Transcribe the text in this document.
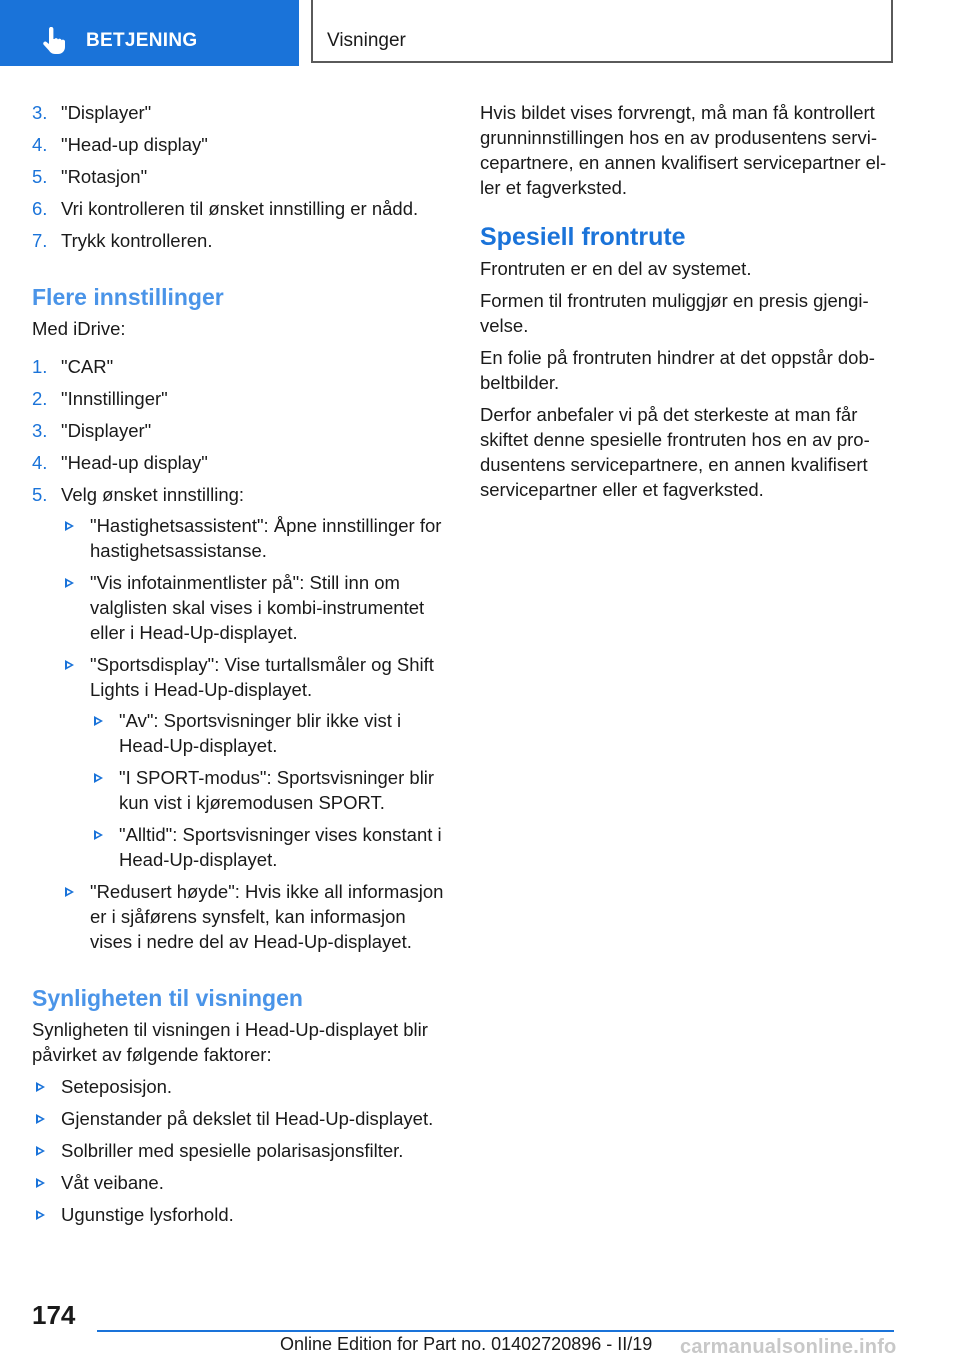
BETJENING	Visninger
3. "Displayer"
4. "Head-up display"
5. "Rotasjon"
6. Vri kontrolleren til ønsket innstilling er nådd.
7. Trykk kontrolleren.
Flere innstillinger

Med iDrive:

1. "CAR"
2. "Innstillinger"
3. "Displayer"
4. "Head-up display"
5. Velg ønsket innstilling:
"Hastighetsassistent": Åpne innstillinger for hastighetsassistanse.
"Vis infotainmentlister på": Still inn om valglisten skal vises i kombi-instrumentet eller i Head-Up-displayet.
"Sportsdisplay": Vise turtallsmåler og Shift Lights i Head-Up-displayet.
"Av": Sportsvisninger blir ikke vist i Head-Up-displayet.
"I SPORT-modus": Sportsvisninger blir kun vist i kjøremodusen SPORT.
"Alltid": Sportsvisninger vises konstant i Head-Up-displayet.
"Redusert høyde": Hvis ikke all informasjon er i sjåførens synsfelt, kan informasjon vises i nedre del av Head-Up-displayet.
Synligheten til visningen

Synligheten til visningen i Head-Up-displayet blir påvirket av følgende faktorer:

Seteposisjon.
Gjenstander på dekslet til Head-Up-displayet.
Solbriller med spesielle polarisasjonsfilter.
Våt veibane.
Ugunstige lysforhold.

Hvis bildet vises forvrengt, må man få kontrollert grunninnstillingen hos en av produsentens servicepartnere, en annen kvalifisert servicepartner eller et fagverksted.

Spesiell frontrute

Frontruten er en del av systemet.

Formen til frontruten muliggjør en presis gjengivelse.

En folie på frontruten hindrer at det oppstår dobbeltbilder.

Derfor anbefaler vi på det sterkeste at man får skiftet denne spesielle frontruten hos en av produsentens servicepartnere, en annen kvalifisert servicepartner eller et fagverksted.

174
Online Edition for Part no. 01402720896 - II/19 carmanualsonline.info
